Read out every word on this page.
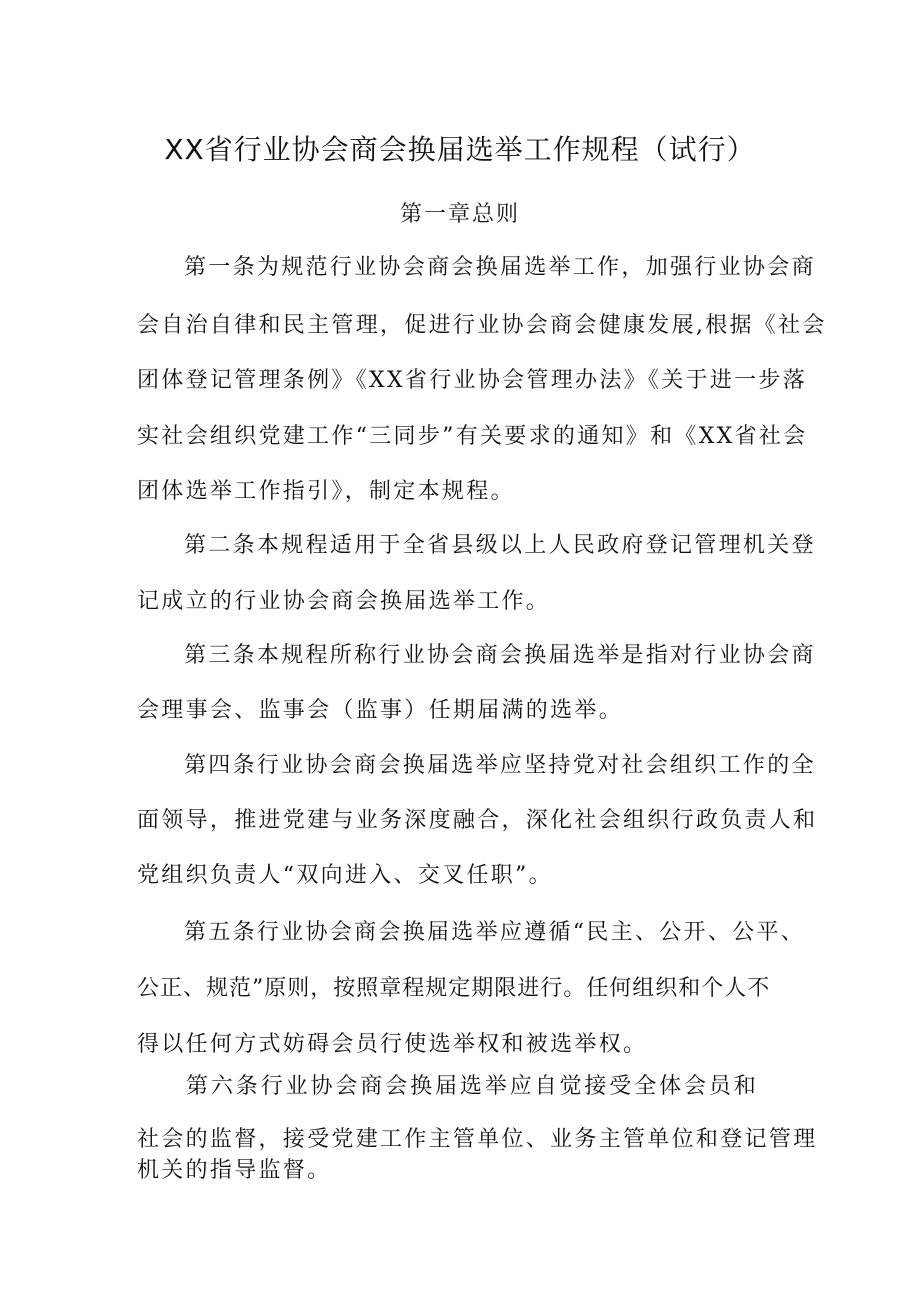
XX省行业协会商会换届选举工作规程（试行）
第一章总则
第一条为规范行业协会商会换届选举工作，加强行业协会商
会自治自律和民主管理，促进行业协会商会健康发展,根据《社会
团体登记管理条例》《XX省行业协会管理办法》《关于进一步落
实社会组织党建工作“三同步”有关要求的通知》和《XX省社会
团体选举工作指引》，制定本规程。
第二条本规程适用于全省县级以上人民政府登记管理机关登
记成立的行业协会商会换届选举工作。
第三条本规程所称行业协会商会换届选举是指对行业协会商
会理事会、监事会（监事）任期届满的选举。
第四条行业协会商会换届选举应坚持党对社会组织工作的全
面领导，推进党建与业务深度融合，深化社会组织行政负责人和
党组织负责人“双向进入、交叉任职”。
第五条行业协会商会换届选举应遵循“民主、公开、公平、
公正、规范”原则，按照章程规定期限进行。任何组织和个人不
得以任何方式妨碍会员行使选举权和被选举权。
第六条行业协会商会换届选举应自觉接受全体会员和
社会的监督，接受党建工作主管单位、业务主管单位和登记管理
机关的指导监督。
